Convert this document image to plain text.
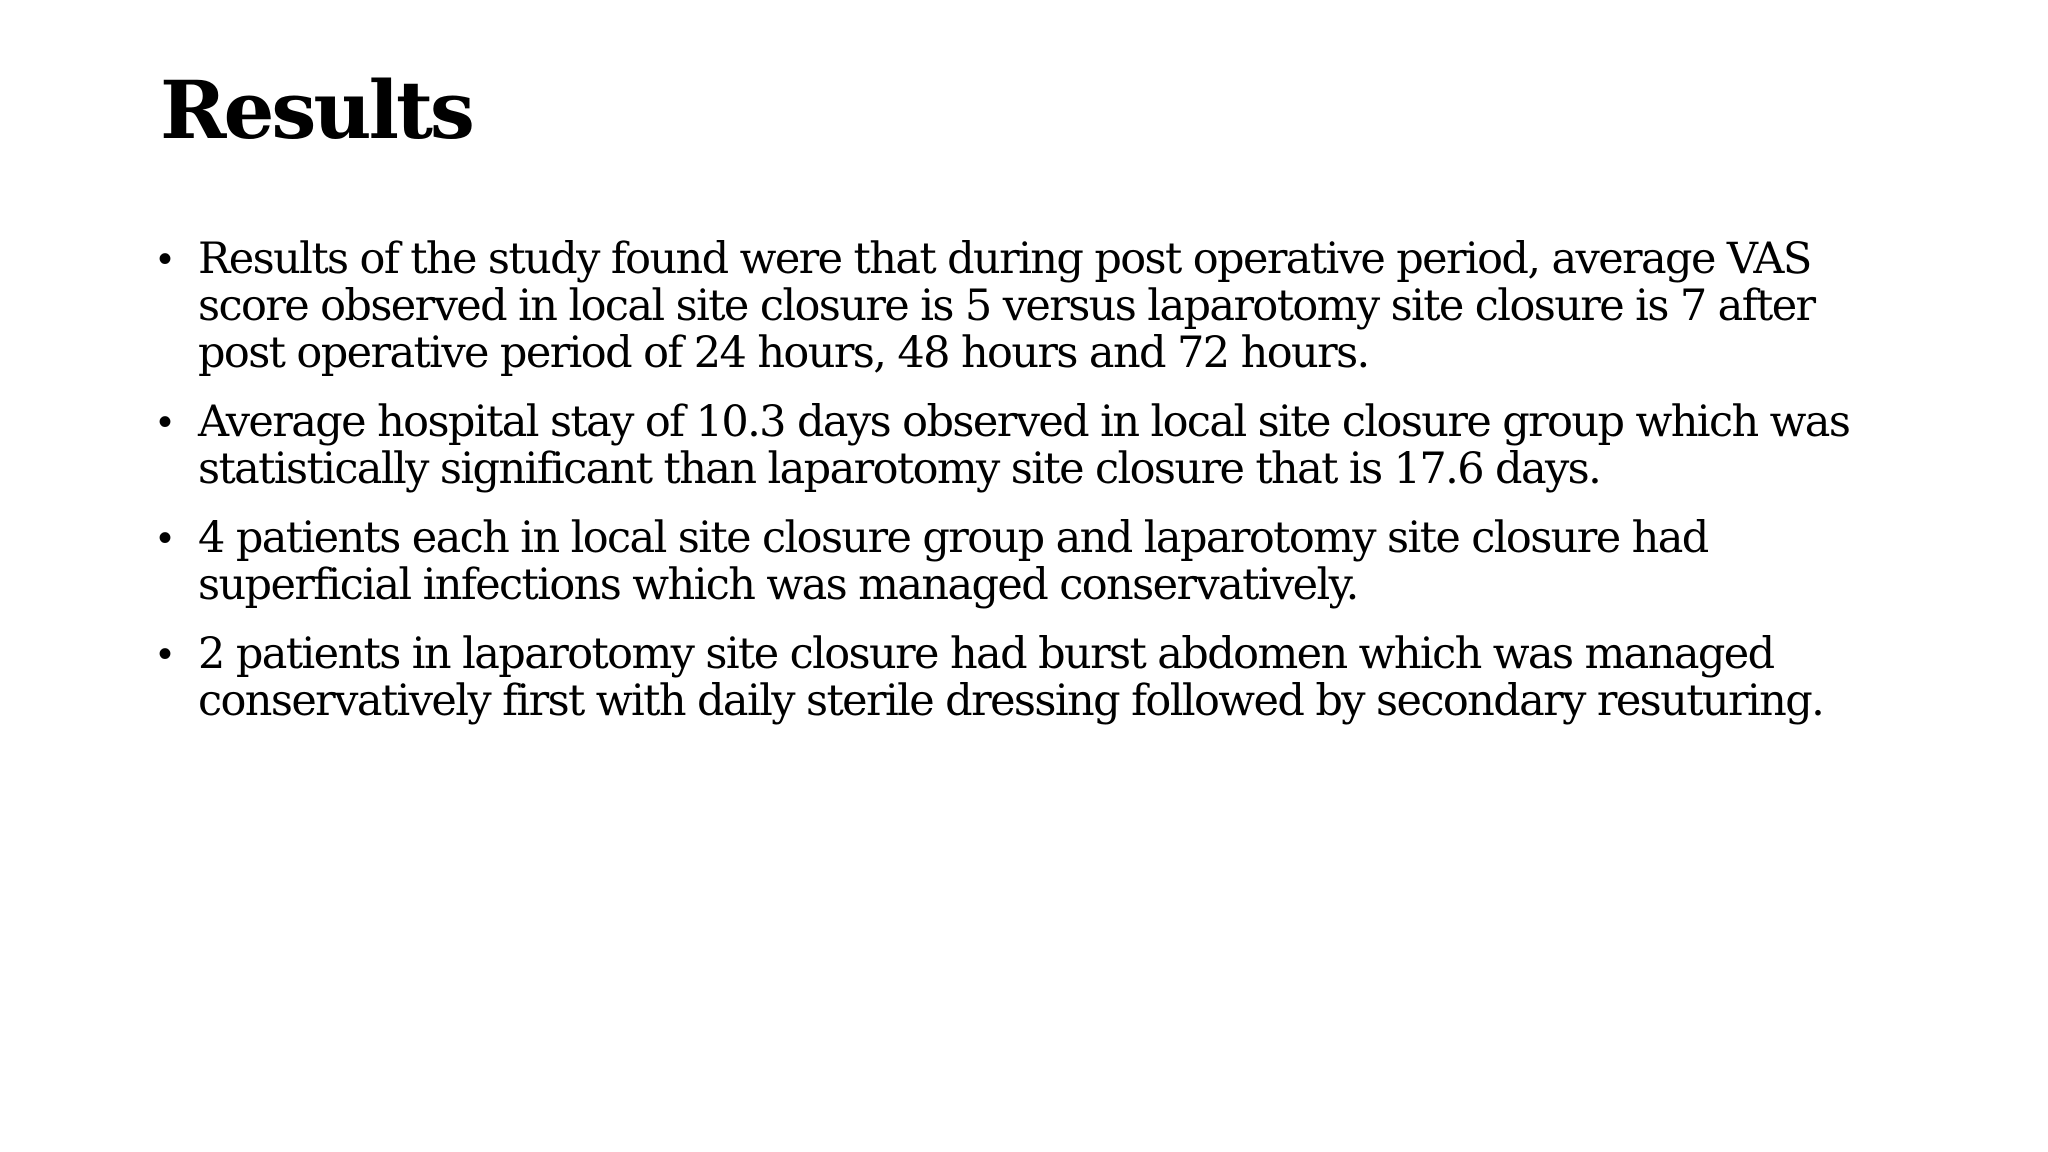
Results
• Results of the study found were that during post operative period, average VAS score observed in local site closure is 5 versus laparotomy site closure is 7 after post operative period of 24 hours, 48 hours and 72 hours.
• Average hospital stay of 10.3 days observed in local site closure group which was statistically significant than laparotomy site closure that is 17.6 days.
• 4 patients each in local site closure group and laparotomy site closure had superficial infections which was managed conservatively.
• 2 patients in laparotomy site closure had burst abdomen which was managed conservatively first with daily sterile dressing followed by secondary resuturing.
